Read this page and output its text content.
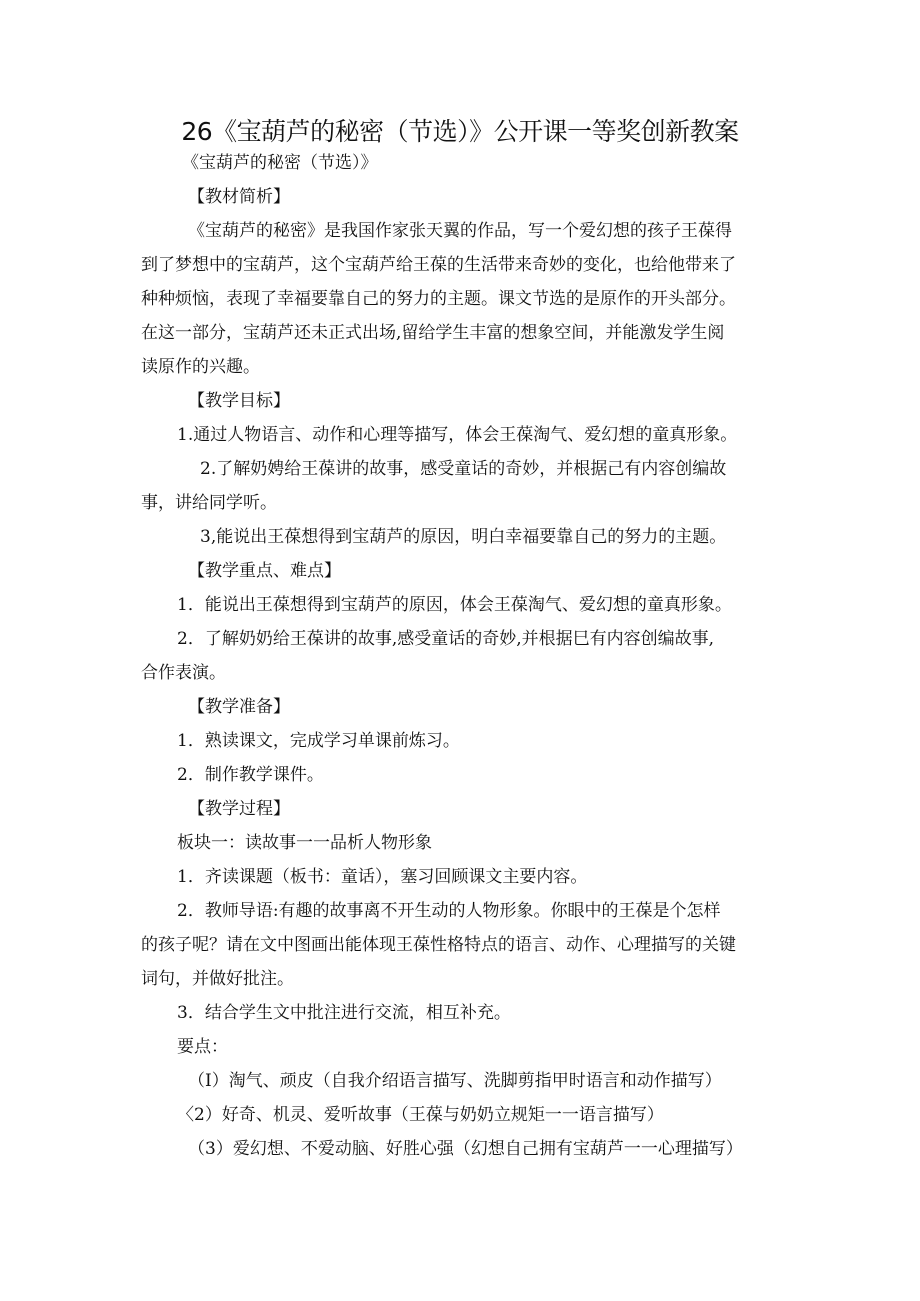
26《宝葫芦的秘密（节选）》公开课一等奖创新教案
《宝葫芦的秘密（节选）》
【教材简析】
《宝葫芦的秘密》是我国作家张天翼的作品，写一个爱幻想的孩子王葆得
到了梦想中的宝葫芦，这个宝葫芦给王葆的生活带来奇妙的变化，也给他带来了
种种烦恼，表现了幸福要靠自己的努力的主题。课文节选的是原作的开头部分。
在这一部分，宝葫芦还未正式出场,留给学生丰富的想象空间，并能激发学生阅
读原作的兴趣。
【教学目标】
1.通过人物语言、动作和心理等描写，体会王葆淘气、爱幻想的童真形象。
2.了解奶娉给王葆讲的故事，感受童话的奇妙，并根据己有内容创编故
事，讲给同学听。
3,能说出王葆想得到宝葫芦的原因，明白幸福要靠自己的努力的主题。
【教学重点、难点】
1．能说出王葆想得到宝葫芦的原因，体会王葆淘气、爱幻想的童真形象。
2．了解奶奶给王葆讲的故事,感受童话的奇妙,并根据巳有内容创编故事,
合作表演。
【教学准备】
1．熟读课文，完成学习单课前炼习。
2．制作教学课件。
【教学过程】
板块一：读故事一一品析人物形象
1．齐读课题（板书：童话），塞习回顾课文主要内容。
2．教师导语:有趣的故事离不开生动的人物形象。你眼中的王葆是个怎样
的孩子呢？请在文中图画出能体现王葆性格特点的语言、动作、心理描写的关键
词句，并做好批注。
3．结合学生文中批注进行交流，相互补充。
要点：
（I）淘气、顽皮（自我介绍语言描写、洗脚剪指甲时语言和动作描写）
〈2）好奇、机灵、爱听故事（王葆与奶奶立规矩一一语言描写）
（3）爱幻想、不爱动脑、好胜心强（幻想自己拥有宝葫芦一一心理描写）
